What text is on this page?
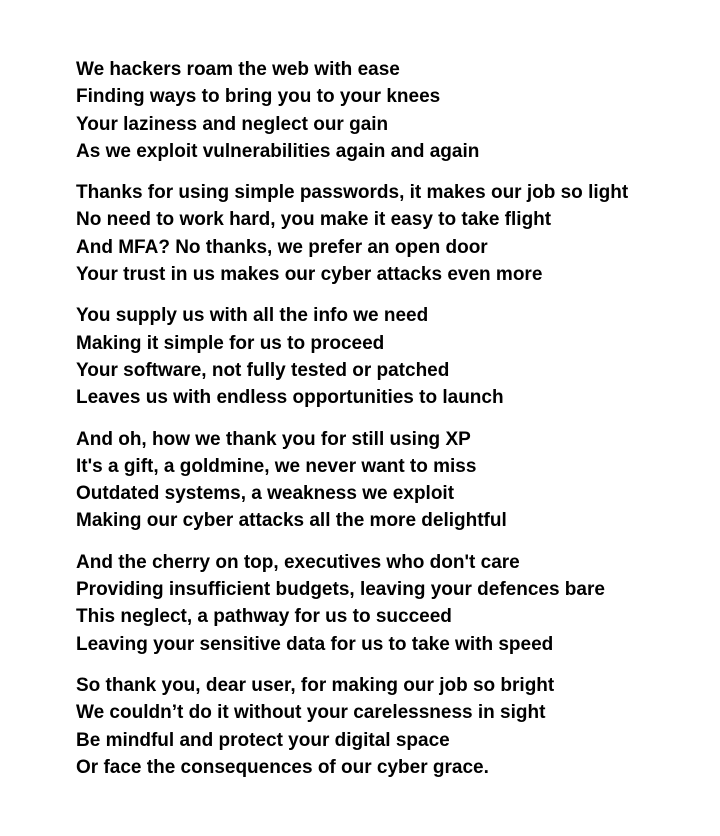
We hackers roam the web with ease
Finding ways to bring you to your knees
Your laziness and neglect our gain
As we exploit vulnerabilities again and again
Thanks for using simple passwords, it makes our job so light
No need to work hard, you make it easy to take flight
And MFA? No thanks, we prefer an open door
Your trust in us makes our cyber attacks even more
You supply us with all the info we need
Making it simple for us to proceed
Your software, not fully tested or patched
Leaves us with endless opportunities to launch
And oh, how we thank you for still using XP
It's a gift, a goldmine, we never want to miss
Outdated systems, a weakness we exploit
Making our cyber attacks all the more delightful
And the cherry on top, executives who don't care
Providing insufficient budgets, leaving your defences bare
This neglect, a pathway for us to succeed
Leaving your sensitive data for us to take with speed
So thank you, dear user, for making our job so bright
We couldn’t do it without your carelessness in sight
Be mindful and protect your digital space
Or face the consequences of our cyber grace.
